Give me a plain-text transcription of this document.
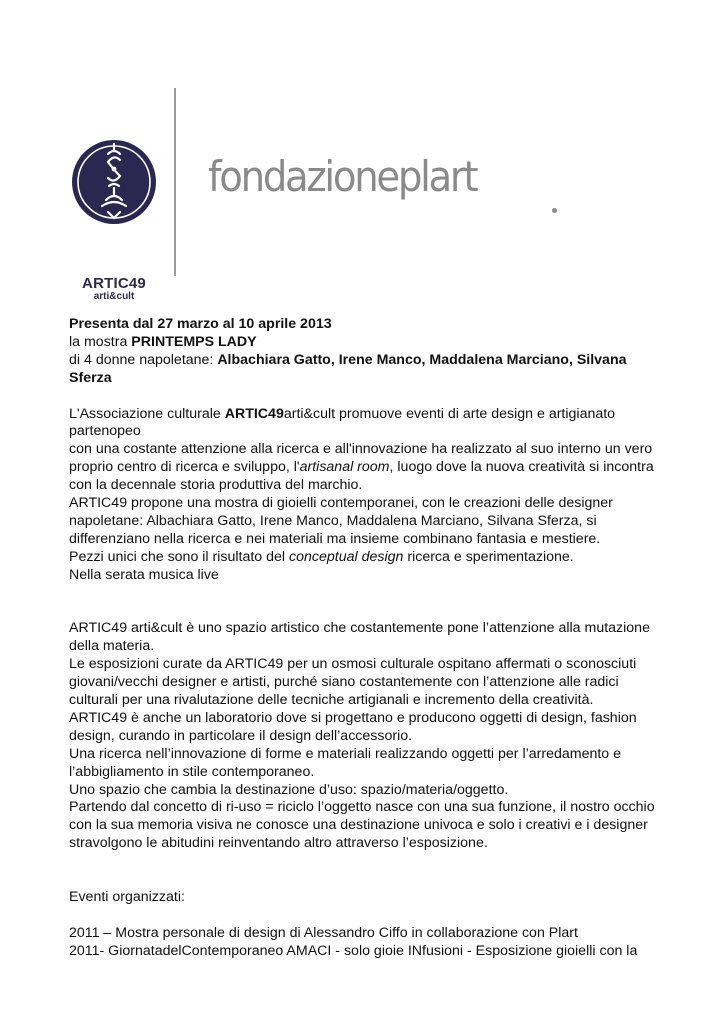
ARTIC49
arti&cult
fondazioneplart

Presenta dal 27 marzo al 10 aprile 2013

la mostra PRINTEMPS LADY

di 4 donne napoletane: Albachiara Gatto, Irene Manco, Maddalena Marciano, Silvana Sferza

L'Associazione culturale ARTIC49arti&cult promuove eventi di arte design e artigianato partenopeo

con una costante attenzione alla ricerca e all'innovazione ha realizzato al suo interno un vero proprio centro di ricerca e sviluppo, l'artisanal room, luogo dove la nuova creatività si incontra con la decennale storia produttiva del marchio.

ARTIC49 propone una mostra di gioielli contemporanei, con le creazioni delle designer napoletane: Albachiara Gatto, Irene Manco, Maddalena Marciano, Silvana Sferza, si differenziano nella ricerca e nei materiali ma insieme combinano fantasia e mestiere.

Pezzi unici che sono il risultato del conceptual design ricerca e sperimentazione.

Nella serata musica live

ARTIC49 arti&cult è uno spazio artistico che costantemente pone l’attenzione alla mutazione della materia.

Le esposizioni curate da ARTIC49 per un osmosi culturale ospitano affermati o sconosciuti giovani/vecchi designer e artisti, purché siano costantemente con l’attenzione alle radici culturali per una rivalutazione delle tecniche artigianali e incremento della creatività.

ARTIC49 è anche un laboratorio dove si progettano e producono oggetti di design, fashion design, curando in particolare il design dell’accessorio.

Una ricerca nell’innovazione di forme e materiali realizzando oggetti per l’arredamento e l’abbigliamento in stile contemporaneo.

Uno spazio che cambia la destinazione d’uso: spazio/materia/oggetto.

Partendo dal concetto di ri-uso = riciclo l’oggetto nasce con una sua funzione, il nostro occhio con la sua memoria visiva ne conosce una destinazione univoca e solo i creativi e i designer stravolgono le abitudini reinventando altro attraverso l’esposizione.

Eventi organizzati:

2011 – Mostra personale di design di Alessandro Ciffo in collaborazione con Plart

2011- GiornatadelContemporaneo AMACI - solo gioie INfusioni - Esposizione gioielli con la
